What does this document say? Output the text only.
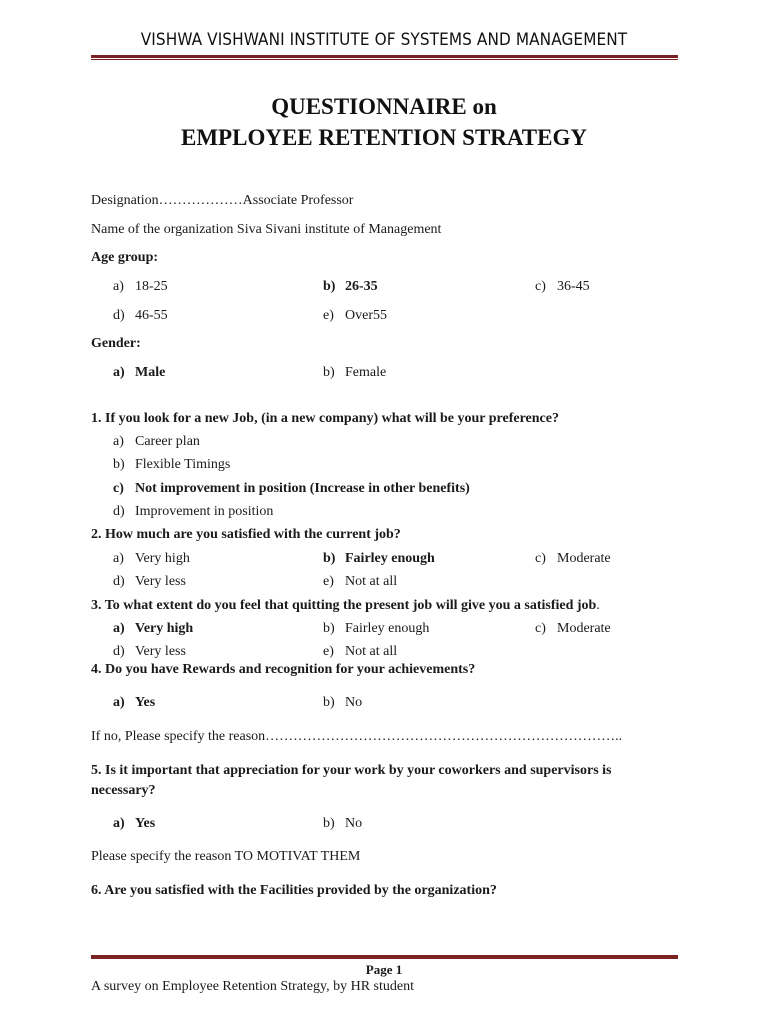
VISHWA VISHWANI INSTITUTE OF SYSTEMS AND MANAGEMENT
QUESTIONNAIRE on
EMPLOYEE RETENTION STRATEGY
Designation………………Associate Professor
Name of the organization Siva Sivani institute of Management
Age group:
a) 18-25	b) 26-35	c) 36-45
d) 46-55	e) Over55
Gender:
a) Male	b) Female
1. If you look for a new Job, (in a new company) what will be your preference?
a) Career plan
b) Flexible Timings
c) Not improvement in position (Increase in other benefits)
d) Improvement in position
2. How much are you satisfied with the current job?
a) Very high	b) Fairley enough	c) Moderate
d) Very less	e) Not at all
3. To what extent do you feel that quitting the present job will give you a satisfied job.
a) Very high	b) Fairley enough	c) Moderate
d) Very less	e) Not at all
4. Do you have Rewards and recognition for your achievements?
a) Yes	b) No
If no, Please specify the reason…………………………………………………………………..
5. Is it important that appreciation for your work by your coworkers and supervisors is
necessary?
a) Yes	b) No
Please specify the reason TO MOTIVAT THEM
6. Are you satisfied with the Facilities provided by the organization?
Page 1
A survey on Employee Retention Strategy, by HR student
